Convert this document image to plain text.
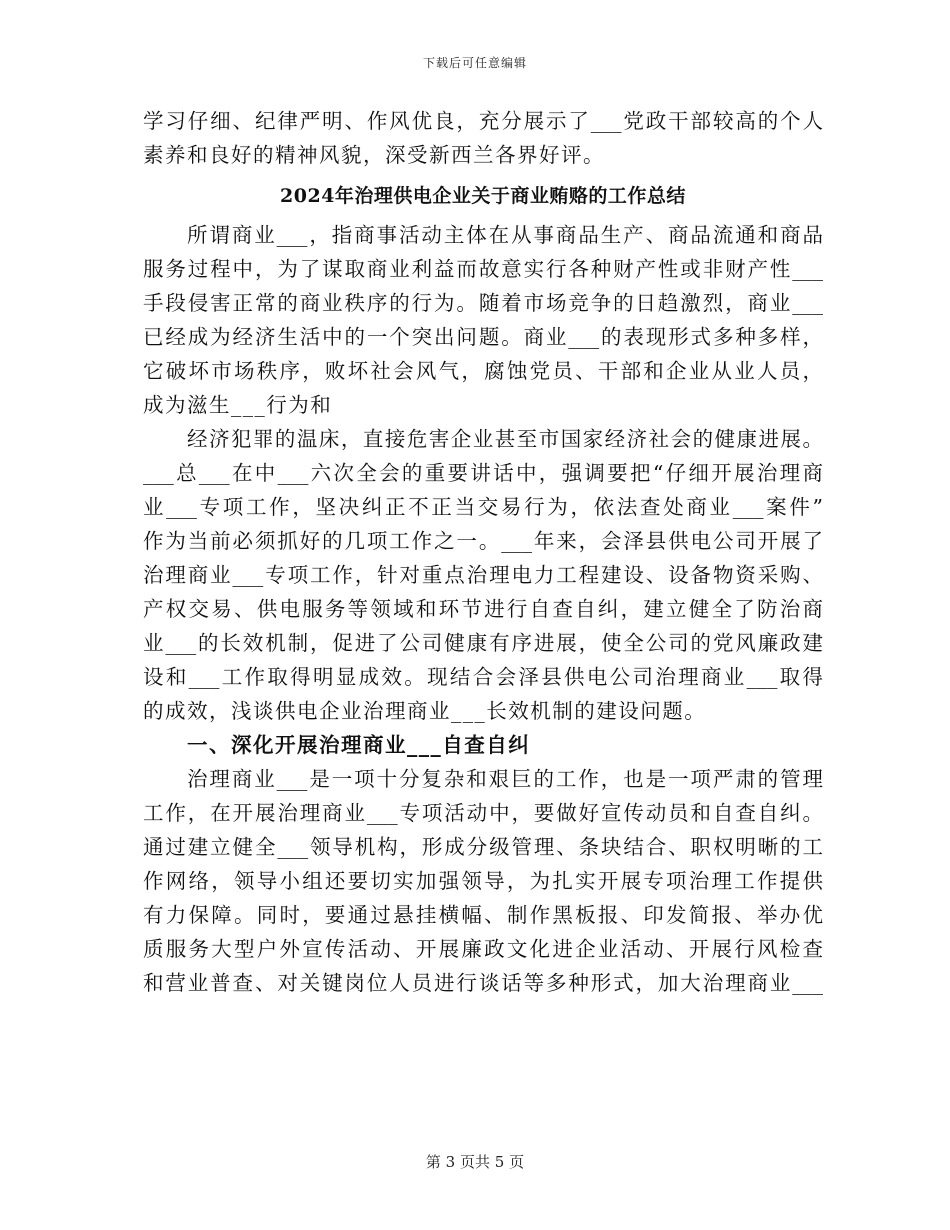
下载后可任意编辑
学习仔细、纪律严明、作风优良，充分展示了___党政干部较高的个人
素养和良好的精神风貌，深受新西兰各界好评。
2024年治理供电企业关于商业贿赂的工作总结
所谓商业___，指商事活动主体在从事商品生产、商品流通和商品
服务过程中，为了谋取商业利益而故意实行各种财产性或非财产性___
手段侵害正常的商业秩序的行为。随着市场竞争的日趋激烈，商业___
已经成为经济生活中的一个突出问题。商业___的表现形式多种多样，
它破坏市场秩序，败坏社会风气，腐蚀党员、干部和企业从业人员，
成为滋生___行为和
经济犯罪的温床，直接危害企业甚至市国家经济社会的健康进展。
___总___在中___六次全会的重要讲话中，强调要把“仔细开展治理商
业___专项工作，坚决纠正不正当交易行为，依法查处商业___案件”
作为当前必须抓好的几项工作之一。___年来，会泽县供电公司开展了
治理商业___专项工作，针对重点治理电力工程建设、设备物资采购、
产权交易、供电服务等领域和环节进行自查自纠，建立健全了防治商
业___的长效机制，促进了公司健康有序进展，使全公司的党风廉政建
设和___工作取得明显成效。现结合会泽县供电公司治理商业___取得
的成效，浅谈供电企业治理商业___长效机制的建设问题。
一、深化开展治理商业___自查自纠
治理商业___是一项十分复杂和艰巨的工作，也是一项严肃的管理
工作，在开展治理商业___专项活动中，要做好宣传动员和自查自纠。
通过建立健全___领导机构，形成分级管理、条块结合、职权明晰的工
作网络，领导小组还要切实加强领导，为扎实开展专项治理工作提供
有力保障。同时，要通过悬挂横幅、制作黑板报、印发简报、举办优
质服务大型户外宣传活动、开展廉政文化进企业活动、开展行风检查
和营业普查、对关键岗位人员进行谈话等多种形式，加大治理商业___
第 3 页共 5 页
